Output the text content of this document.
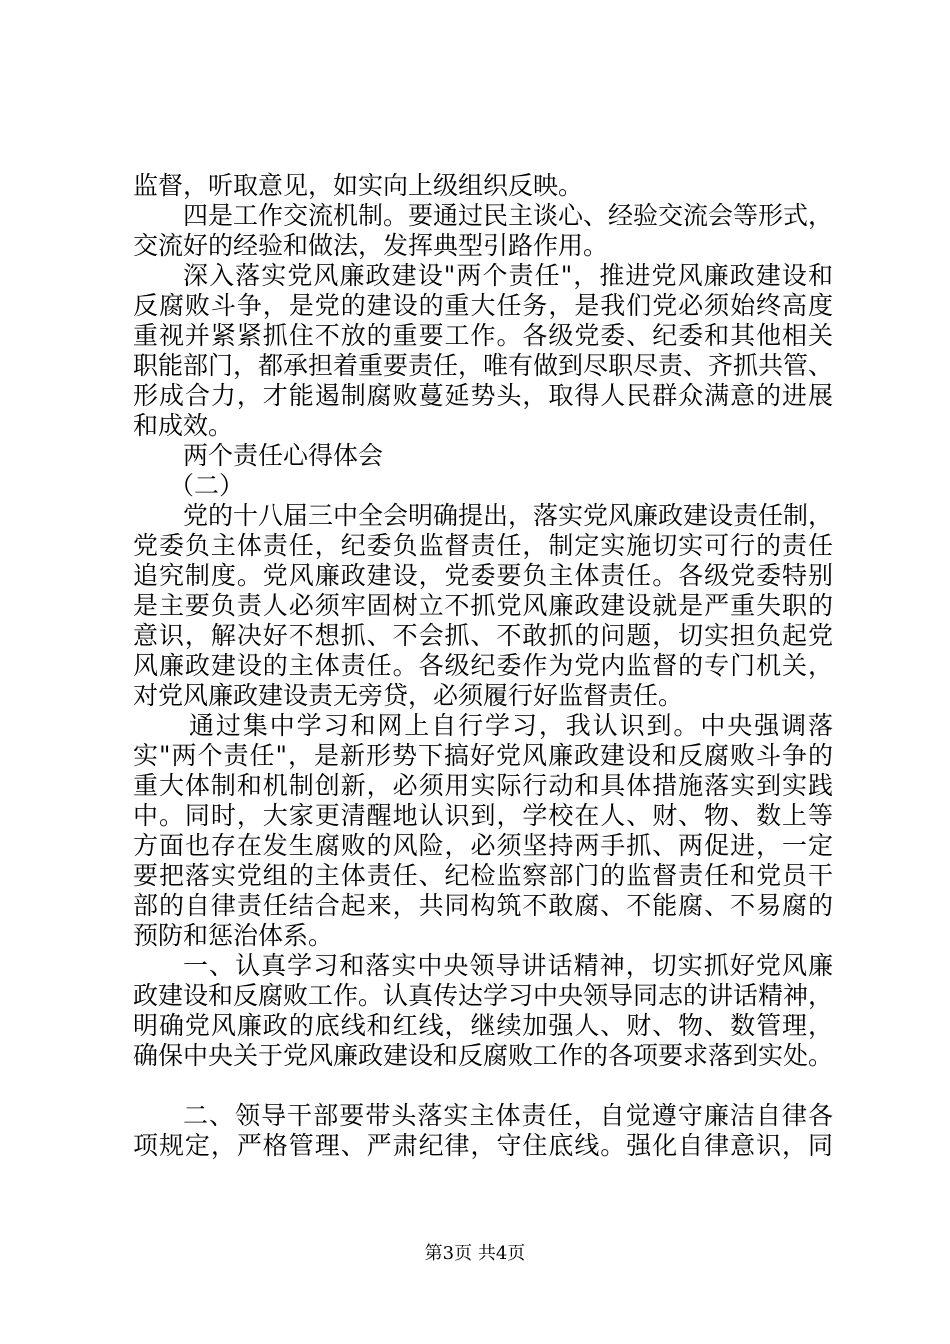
监督，听取意见，如实向上级组织反映。
四是工作交流机制。要通过民主谈心、经验交流会等形式，
交流好的经验和做法，发挥典型引路作用。
深入落实党风廉政建设"两个责任"，推进党风廉政建设和
反腐败斗争，是党的建设的重大任务，是我们党必须始终高度
重视并紧紧抓住不放的重要工作。各级党委、纪委和其他相关
职能部门，都承担着重要责任，唯有做到尽职尽责、齐抓共管、
形成合力，才能遏制腐败蔓延势头，取得人民群众满意的进展
和成效。
两个责任心得体会
（二）
党的十八届三中全会明确提出，落实党风廉政建设责任制，
党委负主体责任，纪委负监督责任，制定实施切实可行的责任
追究制度。党风廉政建设，党委要负主体责任。各级党委特别
是主要负责人必须牢固树立不抓党风廉政建设就是严重失职的
意识，解决好不想抓、不会抓、不敢抓的问题，切实担负起党
风廉政建设的主体责任。各级纪委作为党内监督的专门机关，
对党风廉政建设责无旁贷，必须履行好监督责任。
通过集中学习和网上自行学习，我认识到。中央强调落
实"两个责任"，是新形势下搞好党风廉政建设和反腐败斗争的
重大体制和机制创新，必须用实际行动和具体措施落实到实践
中。同时，大家更清醒地认识到，学校在人、财、物、数上等
方面也存在发生腐败的风险，必须坚持两手抓、两促进，一定
要把落实党组的主体责任、纪检监察部门的监督责任和党员干
部的自律责任结合起来，共同构筑不敢腐、不能腐、不易腐的
预防和惩治体系。
一、认真学习和落实中央领导讲话精神，切实抓好党风廉
政建设和反腐败工作。认真传达学习中央领导同志的讲话精神，
明确党风廉政的底线和红线，继续加强人、财、物、数管理，
确保中央关于党风廉政建设和反腐败工作的各项要求落到实处。
二、领导干部要带头落实主体责任，自觉遵守廉洁自律各
项规定，严格管理、严肃纪律，守住底线。强化自律意识，同
第3页 共4页
